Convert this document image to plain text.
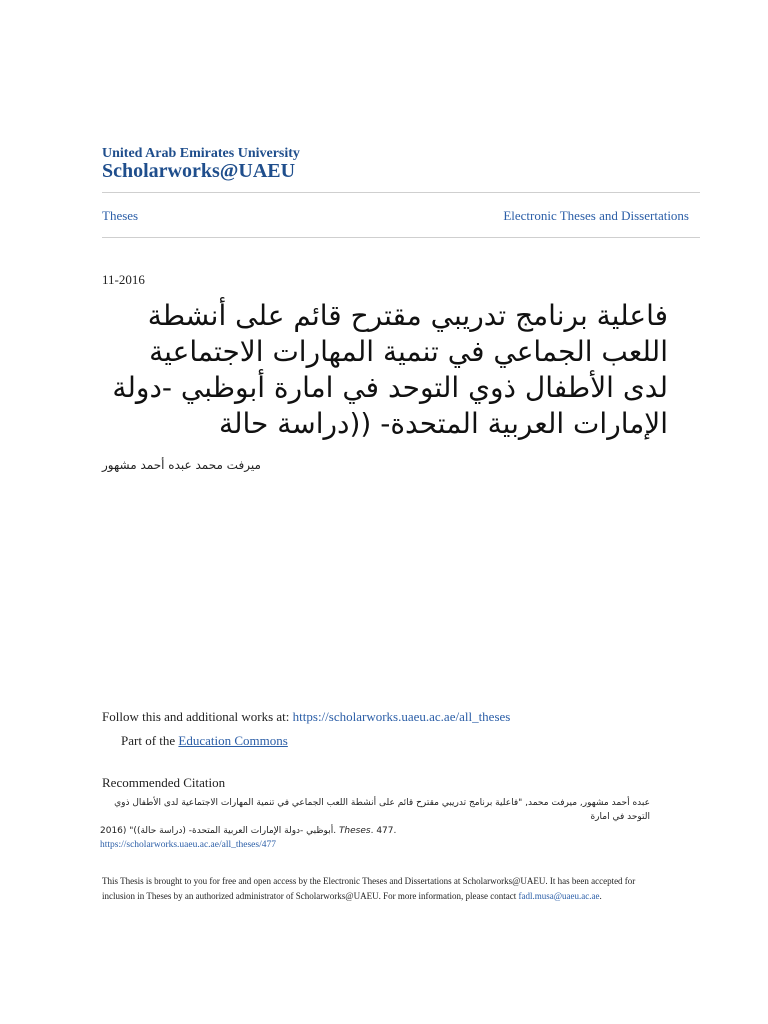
United Arab Emirates University
Scholarworks@UAEU
Theses	Electronic Theses and Dissertations
11-2016
فاعلية برنامج تدريبي مقترح قائم على أنشطة اللعب الجماعي في تنمية المهارات الاجتماعية لدى الأطفال ذوي التوحد في امارة أبوظبي -دولة الإمارات العربية المتحدة- ((دراسة حالة
ميرفت محمد عبده أحمد مشهور
Follow this and additional works at: https://scholarworks.uaeu.ac.ae/all_theses
Part of the Education Commons
Recommended Citation
عبده أحمد مشهور, ميرفت محمد, "فاعلية برنامج تدريبي مقترح قائم على أنشطة اللعب الجماعي في تنمية المهارات الاجتماعية لدى الأطفال ذوي التوحد في امارة
2016) "(أبوظبي -دولة الإمارات العربية المتحدة- (دراسة حالة). Theses. 477.
https://scholarworks.uaeu.ac.ae/all_theses/477
This Thesis is brought to you for free and open access by the Electronic Theses and Dissertations at Scholarworks@UAEU. It has been accepted for inclusion in Theses by an authorized administrator of Scholarworks@UAEU. For more information, please contact fadl.musa@uaeu.ac.ae.
